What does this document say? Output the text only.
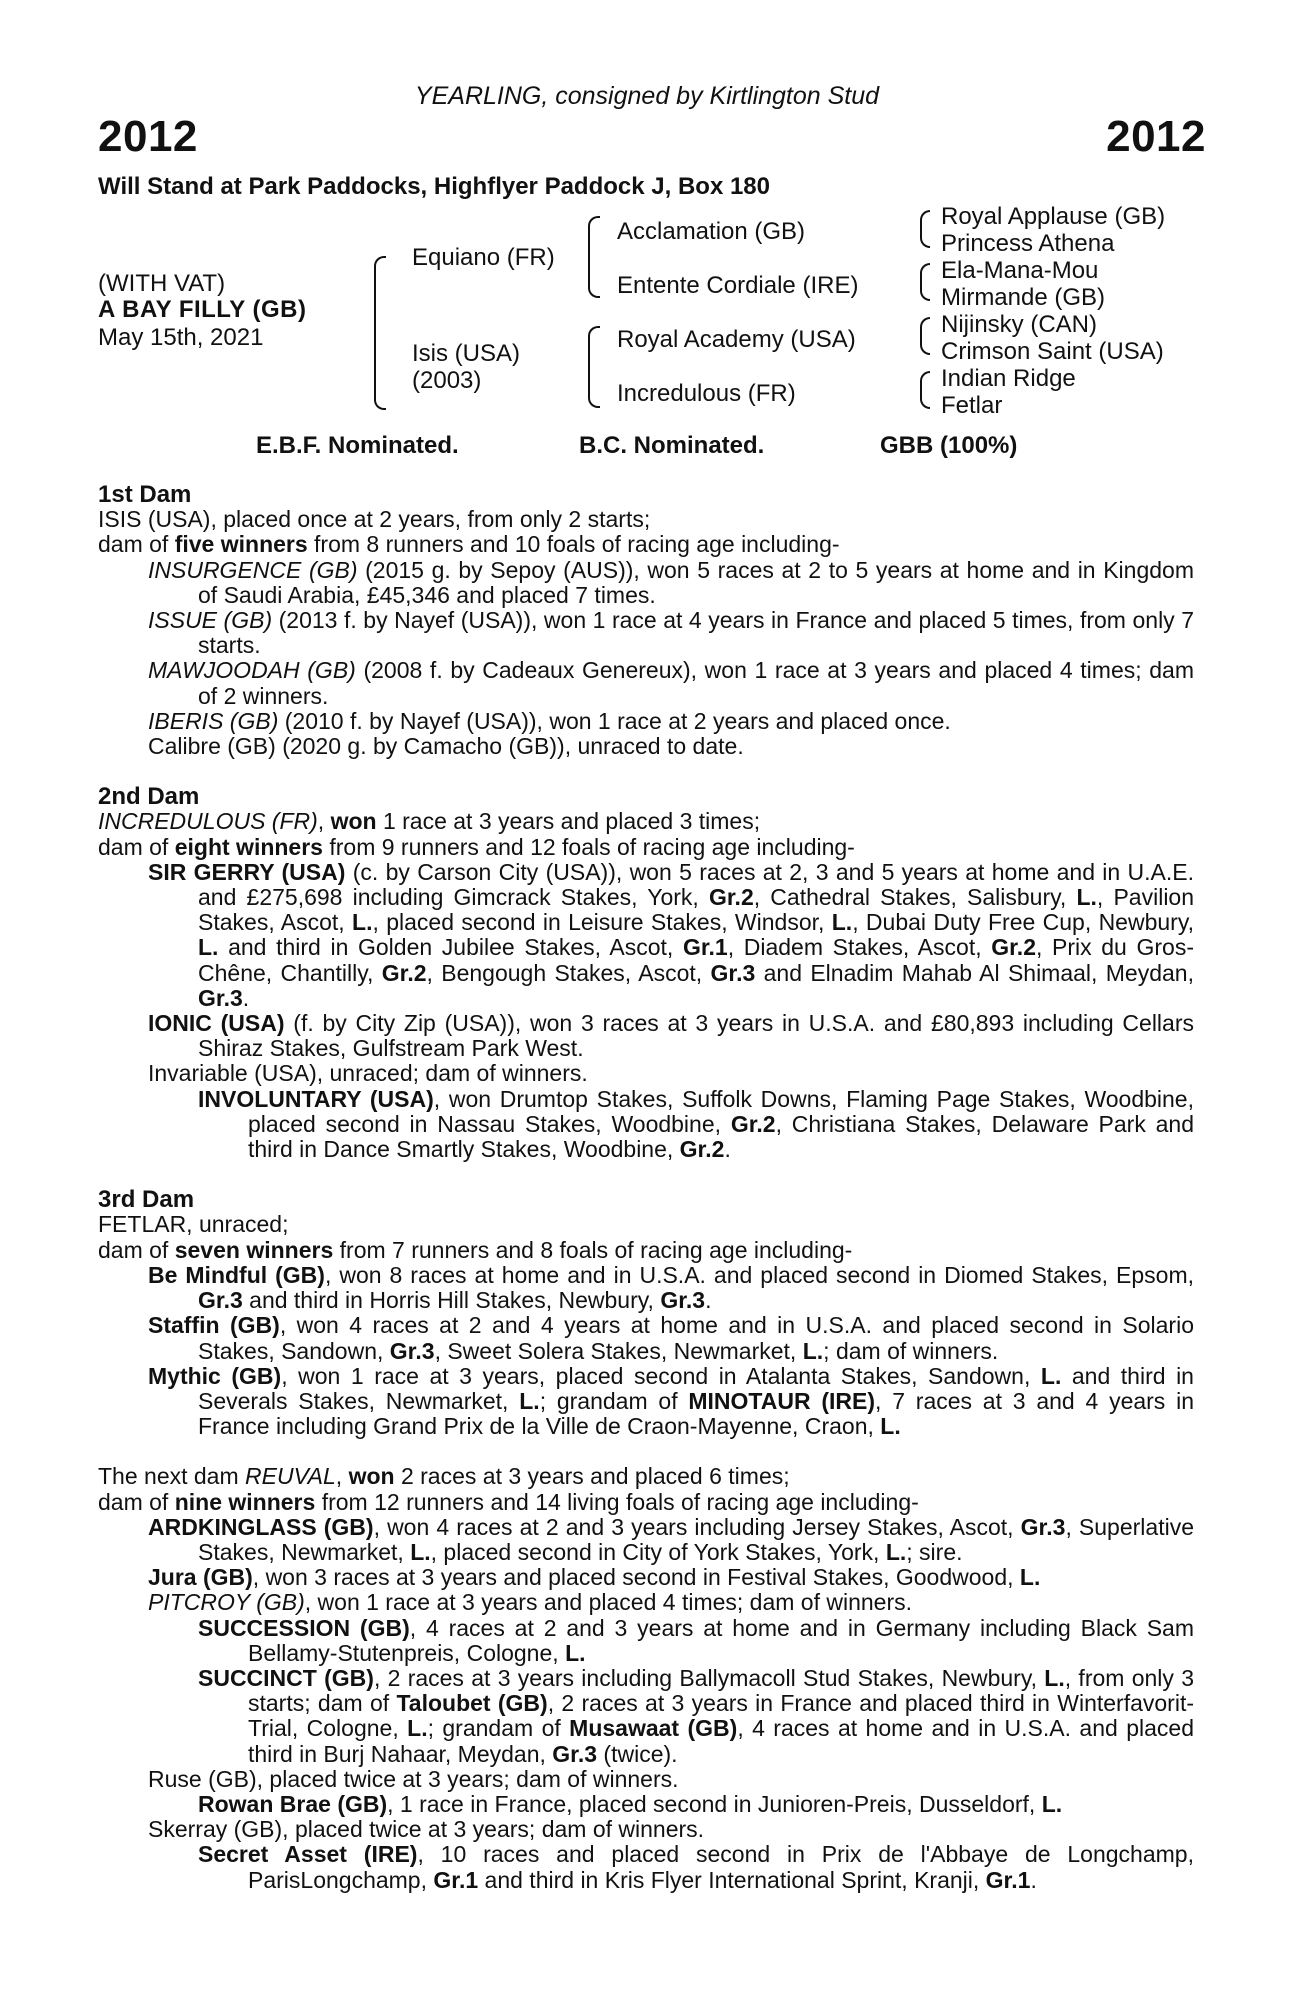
YEARLING, consigned by Kirtlington Stud
2012	2012
Will Stand at Park Paddocks, Highflyer Paddock J, Box 180
(WITH VAT)
A BAY FILLY (GB)
May 15th, 2021
Equiano (FR)
Isis (USA)
(2003)
Acclamation (GB)
Entente Cordiale (IRE)
Royal Academy (USA)
Incredulous (FR)
Royal Applause (GB)
Princess Athena
Ela-Mana-Mou
Mirmande (GB)
Nijinsky (CAN)
Crimson Saint (USA)
Indian Ridge
Fetlar
E.B.F. Nominated.	B.C. Nominated.	GBB (100%)

1st Dam

ISIS (USA), placed once at 2 years, from only 2 starts;

dam of five winners from 8 runners and 10 foals of racing age including-

INSURGENCE (GB) (2015 g. by Sepoy (AUS)), won 5 races at 2 to 5 years at home and in Kingdom of Saudi Arabia, £45,346 and placed 7 times.

ISSUE (GB) (2013 f. by Nayef (USA)), won 1 race at 4 years in France and placed 5 times, from only 7 starts.

MAWJOODAH (GB) (2008 f. by Cadeaux Genereux), won 1 race at 3 years and placed 4 times; dam of 2 winners.

IBERIS (GB) (2010 f. by Nayef (USA)), won 1 race at 2 years and placed once.

Calibre (GB) (2020 g. by Camacho (GB)), unraced to date.

2nd Dam

INCREDULOUS (FR), won 1 race at 3 years and placed 3 times;

dam of eight winners from 9 runners and 12 foals of racing age including-

SIR GERRY (USA) (c. by Carson City (USA)), won 5 races at 2, 3 and 5 years at home and in U.A.E. and £275,698 including Gimcrack Stakes, York, Gr.2, Cathedral Stakes, Salisbury, L., Pavilion Stakes, Ascot, L., placed second in Leisure Stakes, Windsor, L., Dubai Duty Free Cup, Newbury, L. and third in Golden Jubilee Stakes, Ascot, Gr.1, Diadem Stakes, Ascot, Gr.2, Prix du Gros-Chêne, Chantilly, Gr.2, Bengough Stakes, Ascot, Gr.3 and Elnadim Mahab Al Shimaal, Meydan, Gr.3.

IONIC (USA) (f. by City Zip (USA)), won 3 races at 3 years in U.S.A. and £80,893 including Cellars Shiraz Stakes, Gulfstream Park West.

Invariable (USA), unraced; dam of winners.

INVOLUNTARY (USA), won Drumtop Stakes, Suffolk Downs, Flaming Page Stakes, Woodbine, placed second in Nassau Stakes, Woodbine, Gr.2, Christiana Stakes, Delaware Park and third in Dance Smartly Stakes, Woodbine, Gr.2.

3rd Dam

FETLAR, unraced;

dam of seven winners from 7 runners and 8 foals of racing age including-

Be Mindful (GB), won 8 races at home and in U.S.A. and placed second in Diomed Stakes, Epsom, Gr.3 and third in Horris Hill Stakes, Newbury, Gr.3.

Staffin (GB), won 4 races at 2 and 4 years at home and in U.S.A. and placed second in Solario Stakes, Sandown, Gr.3, Sweet Solera Stakes, Newmarket, L.; dam of winners.

Mythic (GB), won 1 race at 3 years, placed second in Atalanta Stakes, Sandown, L. and third in Severals Stakes, Newmarket, L.; grandam of MINOTAUR (IRE), 7 races at 3 and 4 years in France including Grand Prix de la Ville de Craon-Mayenne, Craon, L.

The next dam REUVAL, won 2 races at 3 years and placed 6 times;

dam of nine winners from 12 runners and 14 living foals of racing age including-

ARDKINGLASS (GB), won 4 races at 2 and 3 years including Jersey Stakes, Ascot, Gr.3, Superlative Stakes, Newmarket, L., placed second in City of York Stakes, York, L.; sire.

Jura (GB), won 3 races at 3 years and placed second in Festival Stakes, Goodwood, L.

PITCROY (GB), won 1 race at 3 years and placed 4 times; dam of winners.

SUCCESSION (GB), 4 races at 2 and 3 years at home and in Germany including Black Sam Bellamy-Stutenpreis, Cologne, L.

SUCCINCT (GB), 2 races at 3 years including Ballymacoll Stud Stakes, Newbury, L., from only 3 starts; dam of Taloubet (GB), 2 races at 3 years in France and placed third in Winterfavorit-Trial, Cologne, L.; grandam of Musawaat (GB), 4 races at home and in U.S.A. and placed third in Burj Nahaar, Meydan, Gr.3 (twice).

Ruse (GB), placed twice at 3 years; dam of winners.

Rowan Brae (GB), 1 race in France, placed second in Junioren-Preis, Dusseldorf, L.

Skerray (GB), placed twice at 3 years; dam of winners.

Secret Asset (IRE), 10 races and placed second in Prix de l'Abbaye de Longchamp, ParisLongchamp, Gr.1 and third in Kris Flyer International Sprint, Kranji, Gr.1.
